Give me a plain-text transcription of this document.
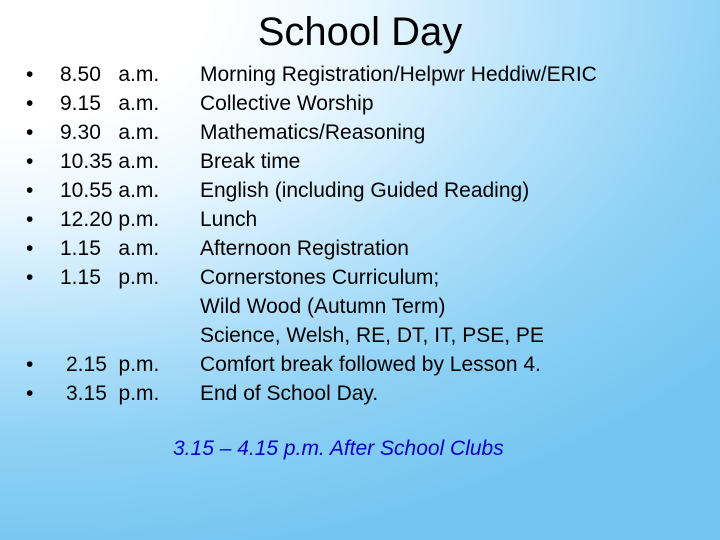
School Day
•	8.50   a.m. Morning Registration/Helpwr Heddiw/ERIC
•	9.15   a.m. Collective Worship
•	9.30   a.m. Mathematics/Reasoning
•	10.35 a.m. Break time
•	10.55 a.m. English (including Guided Reading)
•	12.20 p.m. Lunch
•	1.15   a.m. Afternoon Registration
•	1.15   p.m. Cornerstones Curriculum;
Wild Wood (Autumn Term)
Science, Welsh, RE, DT, IT, PSE, PE
•	2.15  p.m. Comfort break followed by Lesson 4.
•	3.15  p.m. End of School Day.
3.15 – 4.15 p.m. After School Clubs
